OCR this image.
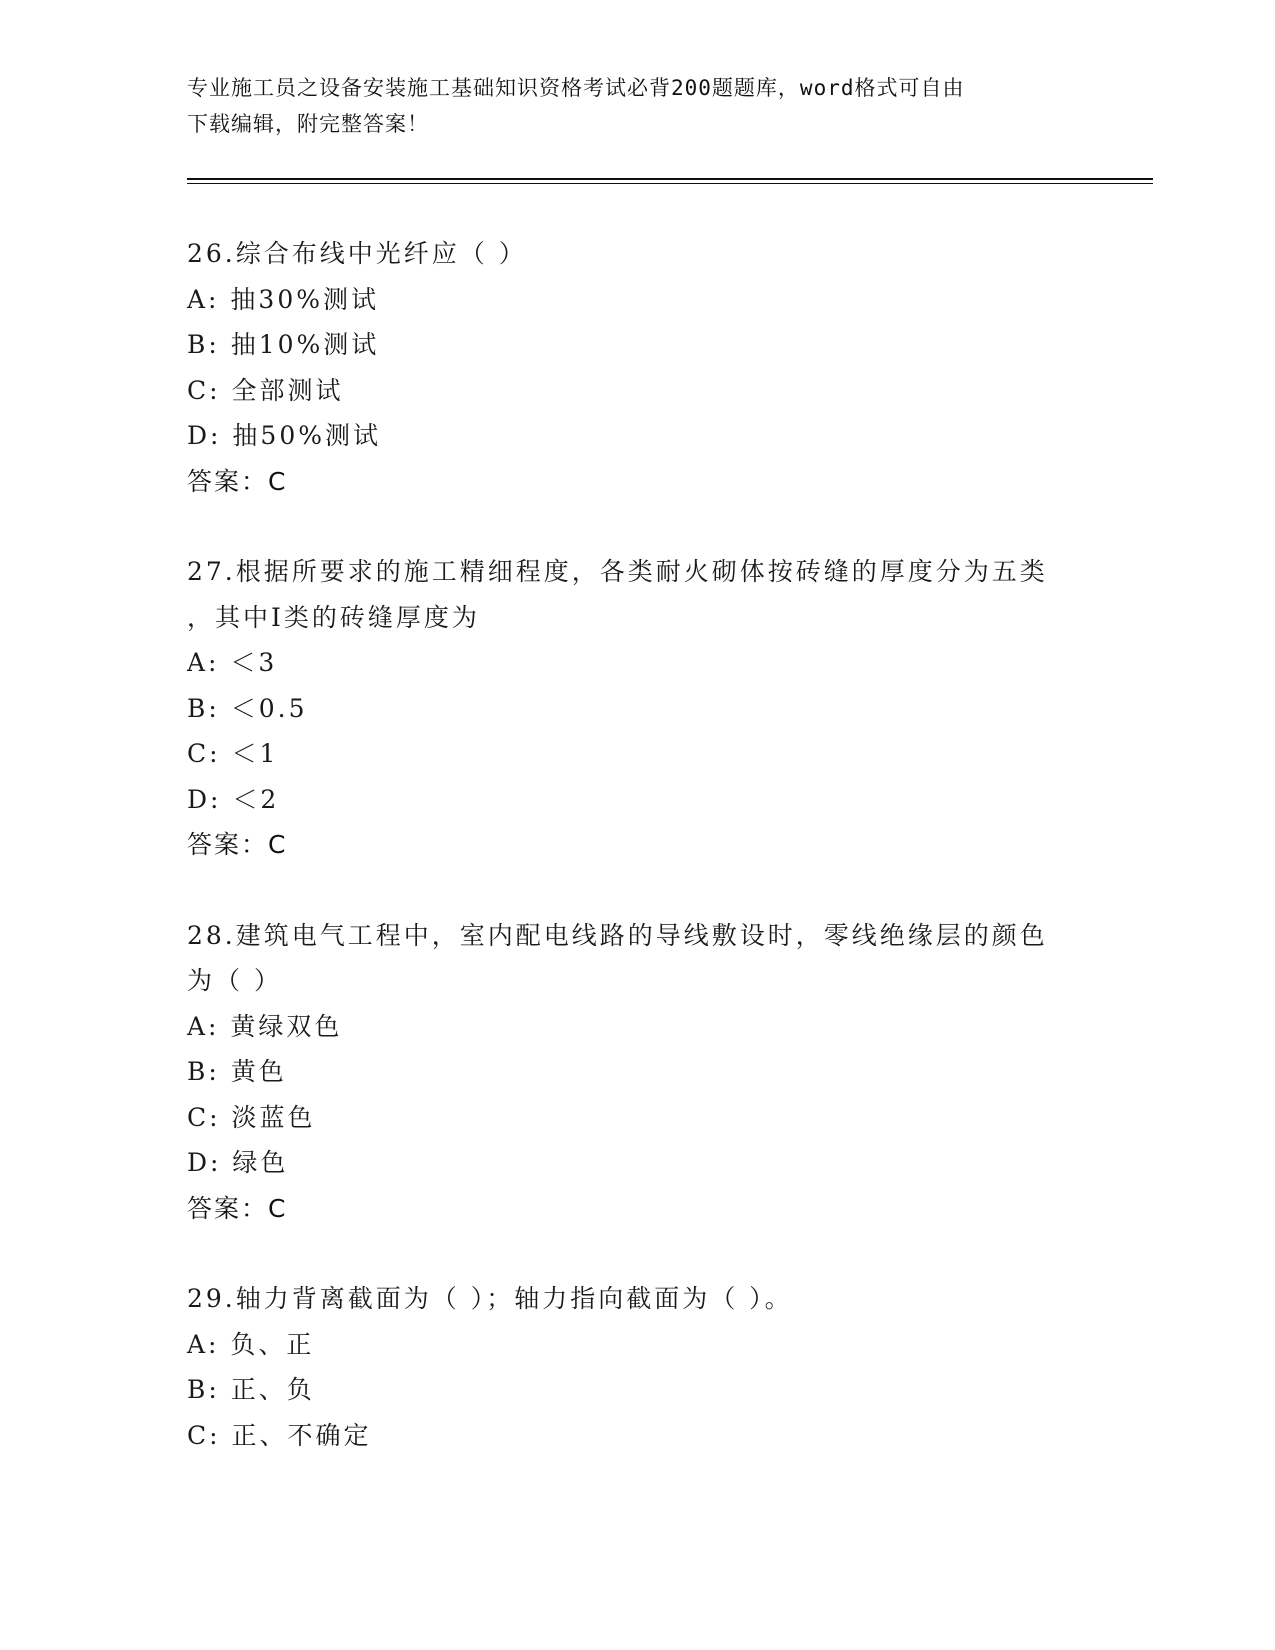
专业施工员之设备安装施工基础知识资格考试必背200题题库，word格式可自由
下载编辑，附完整答案！
26.综合布线中光纤应（ ）
A: 抽30%测试
B: 抽10%测试
C: 全部测试
D: 抽50%测试
答案：C
27.根据所要求的施工精细程度，各类耐火砌体按砖缝的厚度分为五类
，其中I类的砖缝厚度为
A: ＜3
B: ＜0.5
C: ＜1
D: ＜2
答案：C
28.建筑电气工程中，室内配电线路的导线敷设时，零线绝缘层的颜色
为（ ）
A: 黄绿双色
B: 黄色
C: 淡蓝色
D: 绿色
答案：C
29.轴力背离截面为（ ）；轴力指向截面为（ ）。
A: 负、正
B: 正、负
C: 正、不确定
